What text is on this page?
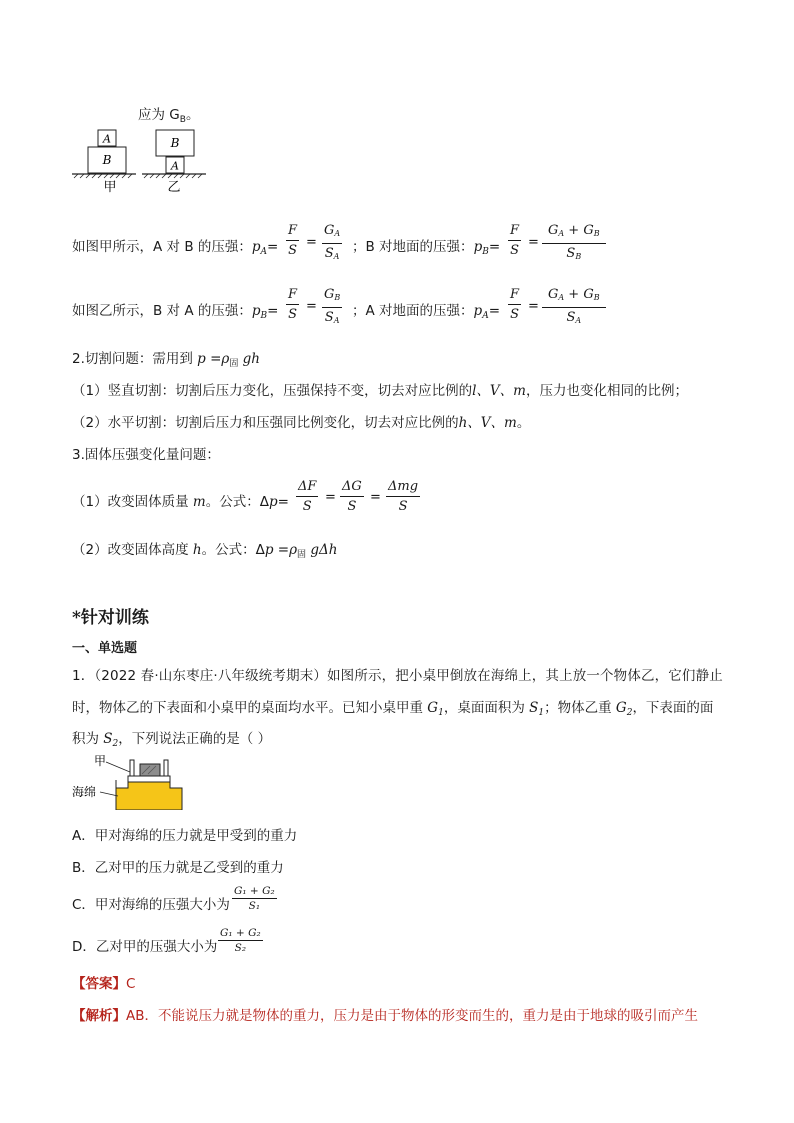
应为 $G_B$。
A
B
甲
B
A
乙
如图甲所示，A 对 B 的压强：$p_A= \frac{F}{S} = \frac{GA}{SA}$ ；B 对地面的压强：$p_B= \frac{F}{S} = \frac{GA + GB}{SB}$
如图乙所示，B 对 A 的压强：$p_B= \frac{F}{S} = \frac{GB}{SA}$ ；A 对地面的压强：$p_A= \frac{F}{S} = \frac{GA + GB}{SA}$
2.切割问题：需用到 $p =\rho_固$ gh
（1）竖直切割：切割后压力变化，压强保持不变，切去对应比例的l、V、m，压力也变化相同的比例；
（2）水平切割：切割后压力和压强同比例变化，切去对应比例的h、V、m。
3.固体压强变化量问题：
（1）改变固体质量 m。公式：$\Delta p= \frac{\Delta F}{S} = \frac{\Delta G}{S}$ =
Δmg
S
（2）改变固体高度 h。公式：$\Delta p =\rho_固$ gΔh
*针对训练
一、单选题
1．（2022 春·山东枣庄·八年级统考期末）如图所示，把小桌甲倒放在海绵上，其上放一个物体乙，它们静止
时，物体乙的下表面和小桌甲的桌面均水平。已知小桌甲重 $G_1$，桌面面积为 $S_1$；物体乙重 $G_2$，下表面的面
积为 $S_2$，下列说法正确的是（ ）
甲
海绵
A．甲对海绵的压力就是甲受到的重力
B．乙对甲的压力就是乙受到的重力
C．甲对海绵的压强大小为 $\frac{\text{G₁ + G₂}}{\text{S₁}}$
D．乙对甲的压强大小为 $\frac{\text{G₁ + G₂}}{\text{S₂}}$
【答案】C
【解析】AB．不能说压力就是物体的重力，压力是由于物体的形变而生的，重力是由于地球的吸引而产生
